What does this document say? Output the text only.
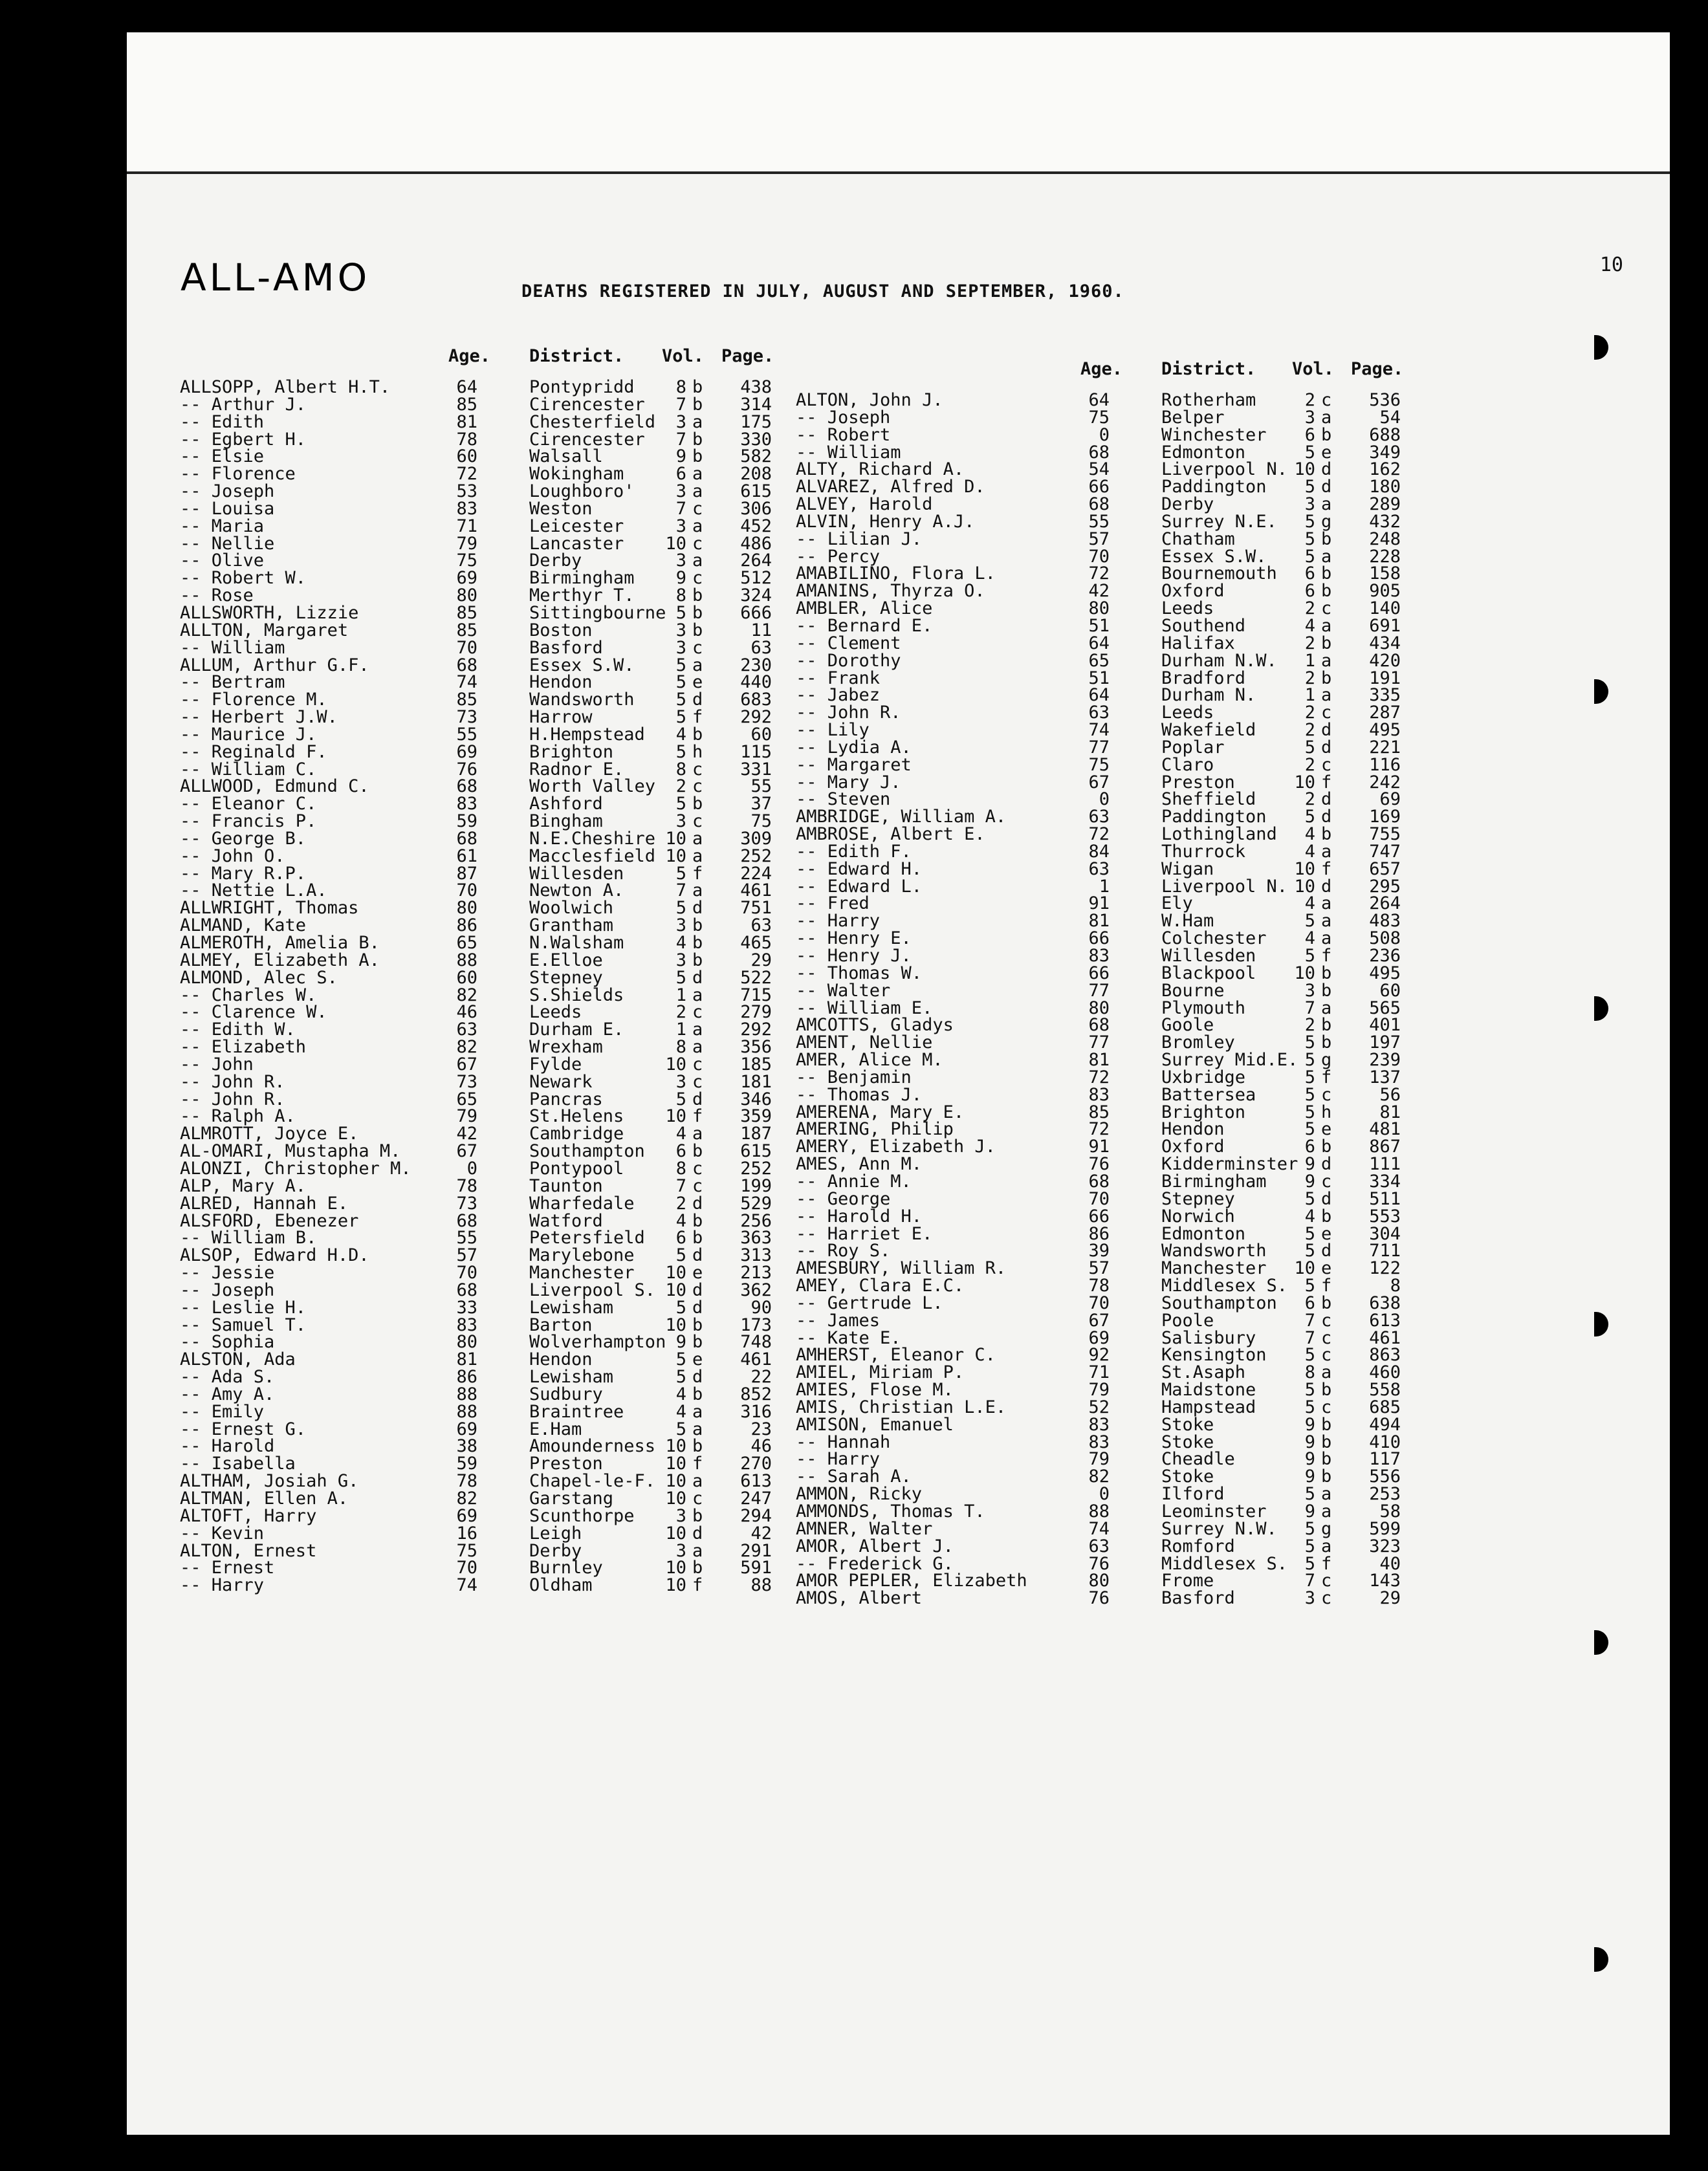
ALL-AMO	DEATHS REGISTERED IN JULY, AUGUST AND SEPTEMBER, 1960.
10
Age. District. Vol. Page.
ALLSOPP, Albert H.T.	64	Pontypridd	8 b	438
-- Arthur J.	85	Cirencester	7 b	314
-- Edith	81	Chesterfield	3 a	175
-- Egbert H.	78	Cirencester	7 b	330
-- Elsie	60	Walsall	9 b	582
-- Florence	72	Wokingham	6 a	208
-- Joseph	53	Loughboro'	3 a	615
-- Louisa	83	Weston	7 c	306
-- Maria	71	Leicester	3 a	452
-- Nellie	79	Lancaster 10 c	486
-- Olive	75	Derby	3 a	264
-- Robert W.	69	Birmingham	9 c	512
-- Rose	80	Merthyr T.	8 b	324
ALLSWORTH, Lizzie	85	Sittingbourne 5 b	666
ALLTON, Margaret	85	Boston	3 b	11
-- William	70	Basford	3 c	63
ALLUM, Arthur G.F.	68	Essex S.W.	5 a	230
-- Bertram	74	Hendon	5 e	440
-- Florence M.	85	Wandsworth	5 d	683
-- Herbert J.W.	73	Harrow	5 f	292
-- Maurice J.	55	H.Hempstead	4 b	60
-- Reginald F.	69	Brighton	5 h	115
-- William C.	76	Radnor E.	8 c	331
ALLWOOD, Edmund C.	68	Worth Valley	2 c	55
-- Eleanor C.	83	Ashford	5 b	37
-- Francis P.	59	Bingham	3 c	75
-- George B.	68	N.E.Cheshire 10 a	309
-- John O.	61	Macclesfield 10 a	252
-- Mary R.P.	87	Willesden	5 f	224
-- Nettie L.A.	70	Newton A.	7 a	461
ALLWRIGHT, Thomas	80	Woolwich	5 d	751
ALMAND, Kate	86	Grantham	3 b	63
ALMEROTH, Amelia B.	65	N.Walsham	4 b	465
ALMEY, Elizabeth A.	88	E.Elloe	3 b	29
ALMOND, Alec S.	60	Stepney	5 d	522
-- Charles W.	82	S.Shields	1 a	715
-- Clarence W.	46	Leeds	2 c	279
-- Edith W.	63	Durham E.	1 a	292
-- Elizabeth	82	Wrexham	8 a	356
-- John	67	Fylde	10 c	185
-- John R.	73	Newark	3 c	181
-- John R.	65	Pancras	5 d	346
-- Ralph A.	79	St.Helens 10 f	359
ALMROTT, Joyce E.	42	Cambridge	4 a	187
AL-OMARI, Mustapha M.	67	Southampton	6 b	615
ALONZI, Christopher M.	0	Pontypool	8 c	252
ALP, Mary A.	78	Taunton	7 c	199
ALRED, Hannah E.	73	Wharfedale	2 d	529
ALSFORD, Ebenezer	68	Watford	4 b	256
-- William B.	55	Petersfield	6 b	363
ALSOP, Edward H.D.	57	Marylebone	5 d	313
-- Jessie	70	Manchester 10 e	213
-- Joseph	68	Liverpool S. 10 d	362
-- Leslie H.	33	Lewisham	5 d	90
-- Samuel T.	83	Barton	10 b	173
-- Sophia	80	Wolverhampton 9 b	748
ALSTON, Ada	81	Hendon	5 e	461
-- Ada S.	86	Lewisham	5 d	22
-- Amy A.	88	Sudbury	4 b	852
-- Emily	88	Braintree	4 a	316
-- Ernest G.	69	E.Ham	5 a	23
-- Harold	38	Amounderness 10 b	46
-- Isabella	59	Preston	10 f	270
ALTHAM, Josiah G.	78	Chapel-le-F. 10 a	613
ALTMAN, Ellen A.	82	Garstang	10 c	247
ALTOFT, Harry	69	Scunthorpe	3 b	294
-- Kevin	16	Leigh	10 d	42
ALTON, Ernest	75	Derby	3 a	291
-- Ernest	70	Burnley	10 b	591
-- Harry	74	Oldham	10 f	88
Age. District. Vol. Page.
ALTON, John J.	64	Rotherham	2 c	536
-- Joseph	75	Belper	3 a	54
-- Robert	0	Winchester	6 b	688
-- William	68	Edmonton	5 e	349
ALTY, Richard A.	54	Liverpool N. 10 d	162
ALVAREZ, Alfred D.	66	Paddington	5 d	180
ALVEY, Harold	68	Derby	3 a	289
ALVIN, Henry A.J.	55	Surrey N.E.	5 g	432
-- Lilian J.	57	Chatham	5 b	248
-- Percy	70	Essex S.W.	5 a	228
AMABILINO, Flora L.	72	Bournemouth	6 b	158
AMANINS, Thyrza O.	42	Oxford	6 b	905
AMBLER, Alice	80	Leeds	2 c	140
-- Bernard E.	51	Southend	4 a	691
-- Clement	64	Halifax	2 b	434
-- Dorothy	65	Durham N.W.	1 a	420
-- Frank	51	Bradford	2 b	191
-- Jabez	64	Durham N.	1 a	335
-- John R.	63	Leeds	2 c	287
-- Lily	74	Wakefield	2 d	495
-- Lydia A.	77	Poplar	5 d	221
-- Margaret	75	Claro	2 c	116
-- Mary J.	67	Preston	10 f	242
-- Steven	0	Sheffield	2 d	69
AMBRIDGE, William A.	63	Paddington	5 d	169
AMBROSE, Albert E.	72	Lothingland	4 b	755
-- Edith F.	84	Thurrock	4 a	747
-- Edward H.	63	Wigan	10 f	657
-- Edward L.	1	Liverpool N. 10 d	295
-- Fred	91	Ely	4 a	264
-- Harry	81	W.Ham	5 a	483
-- Henry E.	66	Colchester	4 a	508
-- Henry J.	83	Willesden	5 f	236
-- Thomas W.	66	Blackpool 10 b	495
-- Walter	77	Bourne	3 b	60
-- William E.	80	Plymouth	7 a	565
AMCOTTS, Gladys	68	Goole	2 b	401
AMENT, Nellie	77	Bromley	5 b	197
AMER, Alice M.	81	Surrey Mid.E. 5 g	239
-- Benjamin	72	Uxbridge	5 f	137
-- Thomas J.	83	Battersea	5 c	56
AMERENA, Mary E.	85	Brighton	5 h	81
AMERING, Philip	72	Hendon	5 e	481
AMERY, Elizabeth J.	91	Oxford	6 b	867
AMES, Ann M.	76	Kidderminster 9 d	111
-- Annie M.	68	Birmingham	9 c	334
-- George	70	Stepney	5 d	511
-- Harold H.	66	Norwich	4 b	553
-- Harriet E.	86	Edmonton	5 e	304
-- Roy S.	39	Wandsworth	5 d	711
AMESBURY, William R.	57	Manchester 10 e	122
AMEY, Clara E.C.	78	Middlesex S. 5 f	8
-- Gertrude L.	70	Southampton	6 b	638
-- James	67	Poole	7 c	613
-- Kate E.	69	Salisbury	7 c	461
AMHERST, Eleanor C.	92	Kensington	5 c	863
AMIEL, Miriam P.	71	St.Asaph	8 a	460
AMIES, Flose M.	79	Maidstone	5 b	558
AMIS, Christian L.E.	52	Hampstead	5 c	685
AMISON, Emanuel	83	Stoke	9 b	494
-- Hannah	83	Stoke	9 b	410
-- Harry	79	Cheadle	9 b	117
-- Sarah A.	82	Stoke	9 b	556
AMMON, Ricky	0	Ilford	5 a	253
AMMONDS, Thomas T.	88	Leominster	9 a	58
AMNER, Walter	74	Surrey N.W.	5 g	599
AMOR, Albert J.	63	Romford	5 a	323
-- Frederick G.	76	Middlesex S. 5 f	40
AMOR PEPLER, Elizabeth	80	Frome	7 c	143
AMOS, Albert	76	Basford	3 c	29
